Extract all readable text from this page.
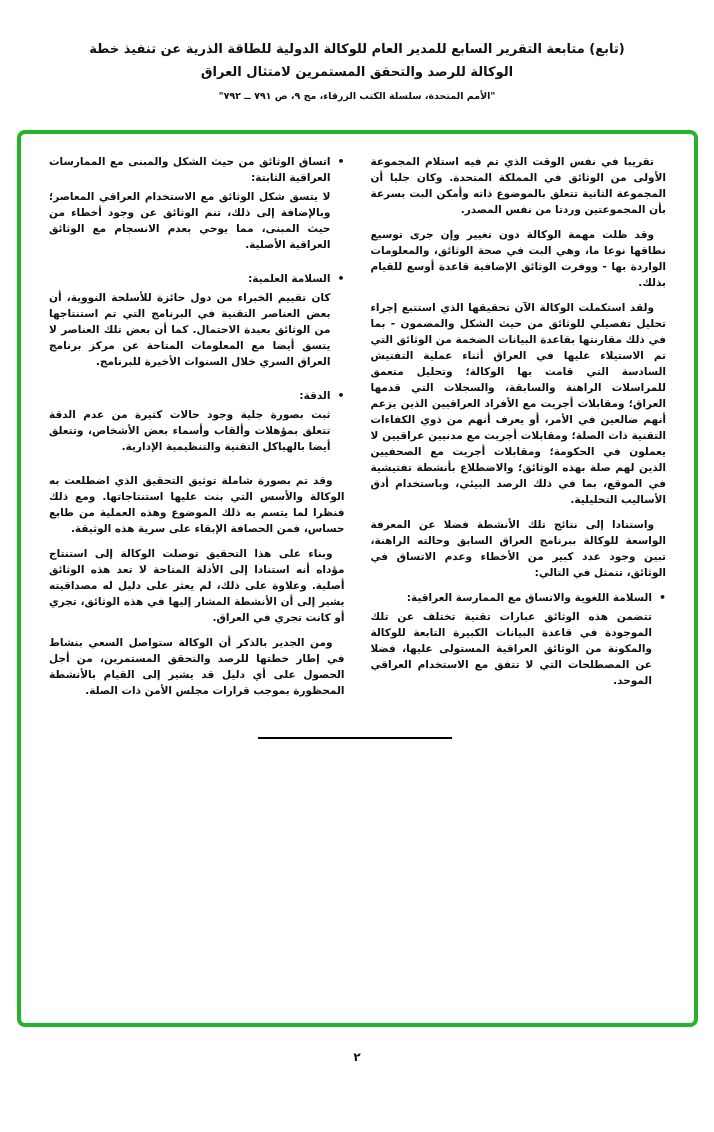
(تابع) متابعة التقرير السابع للمدير العام للوكالة الدولية للطاقة الذرية عن تنفيذ خطة
الوكالة للرصد والتحقق المستمرين لامتثال العراق
"الأمم المتحدة، سلسلة الكتب الزرقاء، مج ٩، ص ٧٩١ ــ ٧٩٢"

تقريبا في نفس الوقت الذي تم فيه استلام المجموعة الأولى من الوثائق في المملكة المتحدة. وكان جليا أن المجموعة الثانية تتعلق بالموضوع ذاته وأمكن البت بسرعة بأن المجموعتين وردتا من نفس المصدر.

وقد ظلت مهمة الوكالة دون تغيير وإن جرى توسيع نطاقها نوعا ما، وهي البت في صحة الوثائق، والمعلومات الواردة بها - ووفرت الوثائق الإضافية قاعدة أوسع للقيام بذلك.

ولقد استكملت الوكالة الآن تحقيقها الذي استتبع إجراء تحليل تفصيلي للوثائق من حيث الشكل والمضمون - بما في ذلك مقارنتها بقاعدة البيانات الضخمة من الوثائق التي تم الاستيلاء عليها في العراق أثناء عملية التفتيش السادسة التي قامت بها الوكالة؛ وتحليل متعمق للمراسلات الراهنة والسابقة، والسجلات التي قدمها العراق؛ ومقابلات أجريت مع الأفراد العراقيين الذين يزعم أنهم ضالعين في الأمر، أو يعرف أنهم من ذوي الكفاءات التقنية ذات الصلة؛ ومقابلات أجريت مع مدنيين عراقيين لا يعملون في الحكومة؛ ومقابلات أجريت مع الصحفيين الذين لهم صلة بهذه الوثائق؛ والاضطلاع بأنشطة تفتيشية في الموقع، بما في ذلك الرصد البيئي، وباستخدام أدق الأساليب التحليلية.

واستنادا إلى نتائج تلك الأنشطة فضلا عن المعرفة الواسعة للوكالة ببرنامج العراق السابق وحالته الراهنة، تبين وجود عدد كبير من الأخطاء وعدم الاتساق في الوثائق، تتمثل في التالي:

•
السلامة اللغوية والاتساق مع الممارسة العراقية:

تتضمن هذه الوثائق عبارات تقنية تختلف عن تلك الموجودة في قاعدة البيانات الكبيرة التابعة للوكالة والمكونة من الوثائق العراقية المستولى عليها، فضلا عن المصطلحات التي لا تتفق مع الاستخدام العراقي الموحد.

•
اتساق الوثائق من حيث الشكل والمبنى مع الممارسات العراقية الثابتة:

لا يتسق شكل الوثائق مع الاستخدام العراقي المعاصر؛ وبالإضافة إلى ذلك، تنم الوثائق عن وجود أخطاء من حيث المبنى، مما يوحي بعدم الانسجام مع الوثائق العراقية الأصلية.

•
السلامة العلمية:

كان تقييم الخبراء من دول حائزة للأسلحة النووية، أن بعض العناصر التقنية في البرنامج التي تم استنتاجها من الوثائق بعيدة الاحتمال. كما أن بعض تلك العناصر لا يتسق أيضا مع المعلومات المتاحة عن مركز برنامج العراق السري خلال السنوات الأخيرة للبرنامج.

•
الدقة:

ثبت بصورة جلية وجود حالات كثيرة من عدم الدقة تتعلق بمؤهلات وألقاب وأسماء بعض الأشخاص، وتتعلق أيضا بالهياكل التقنية والتنظيمية الإدارية.

وقد تم بصورة شاملة توثيق التحقيق الذي اضطلعت به الوكالة والأسس التي بنت عليها استنتاجاتها. ومع ذلك فنظرا لما يتسم به ذلك الموضوع وهذه العملية من طابع حساس، فمن الحصافة الإبقاء على سرية هذه الوثيقة.

وبناء على هذا التحقيق توصلت الوكالة إلى استنتاج مؤداه أنه استنادا إلى الأدلة المتاحة لا تعد هذه الوثائق أصلية. وعلاوة على ذلك، لم يعثر على دليل له مصداقيته يشير إلى أن الأنشطة المشار إليها في هذه الوثائق، تجري أو كانت تجري في العراق.

ومن الجدير بالذكر أن الوكالة ستواصل السعي بنشاط في إطار خطتها للرصد والتحقق المستمرين، من أجل الحصول على أي دليل قد يشير إلى القيام بالأنشطة المحظورة بموجب قرارات مجلس الأمن ذات الصلة.

٢
